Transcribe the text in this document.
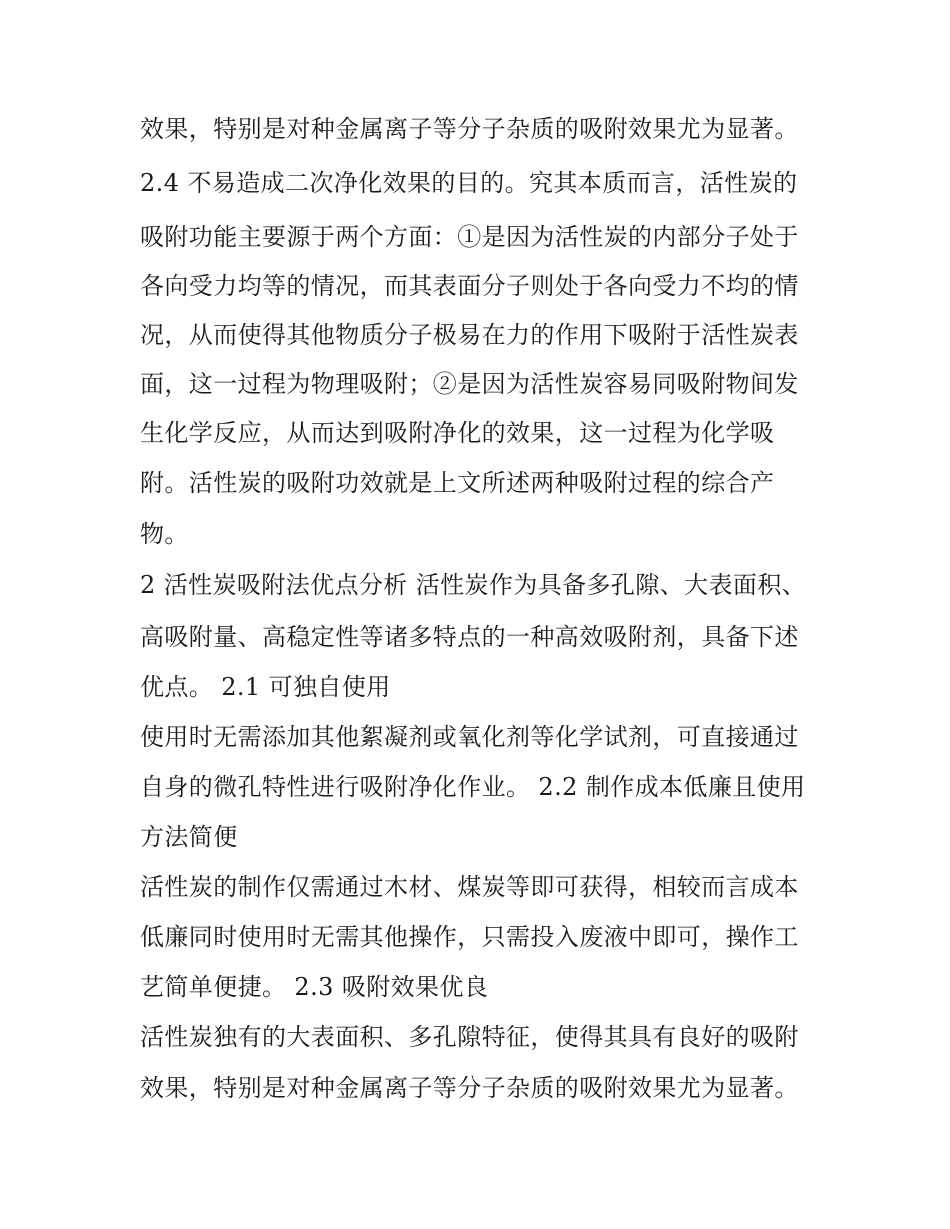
效果，特别是对种金属离子等分子杂质的吸附效果尤为显著。
2.4 不易造成二次净化效果的目的。究其本质而言，活性炭的
吸附功能主要源于两个方面：①是因为活性炭的内部分子处于
各向受力均等的情况，而其表面分子则处于各向受力不均的情
况，从而使得其他物质分子极易在力的作用下吸附于活性炭表
面，这一过程为物理吸附；②是因为活性炭容易同吸附物间发
生化学反应，从而达到吸附净化的效果，这一过程为化学吸
附。活性炭的吸附功效就是上文所述两种吸附过程的综合产
物。
2 活性炭吸附法优点分析 活性炭作为具备多孔隙、大表面积、
高吸附量、高稳定性等诸多特点的一种高效吸附剂，具备下述
优点。 2.1 可独自使用
使用时无需添加其他絮凝剂或氧化剂等化学试剂，可直接通过
自身的微孔特性进行吸附净化作业。 2.2 制作成本低廉且使用
方法简便
活性炭的制作仅需通过木材、煤炭等即可获得，相较而言成本
低廉同时使用时无需其他操作，只需投入废液中即可，操作工
艺简单便捷。 2.3 吸附效果优良
活性炭独有的大表面积、多孔隙特征，使得其具有良好的吸附
效果，特别是对种金属离子等分子杂质的吸附效果尤为显著。
